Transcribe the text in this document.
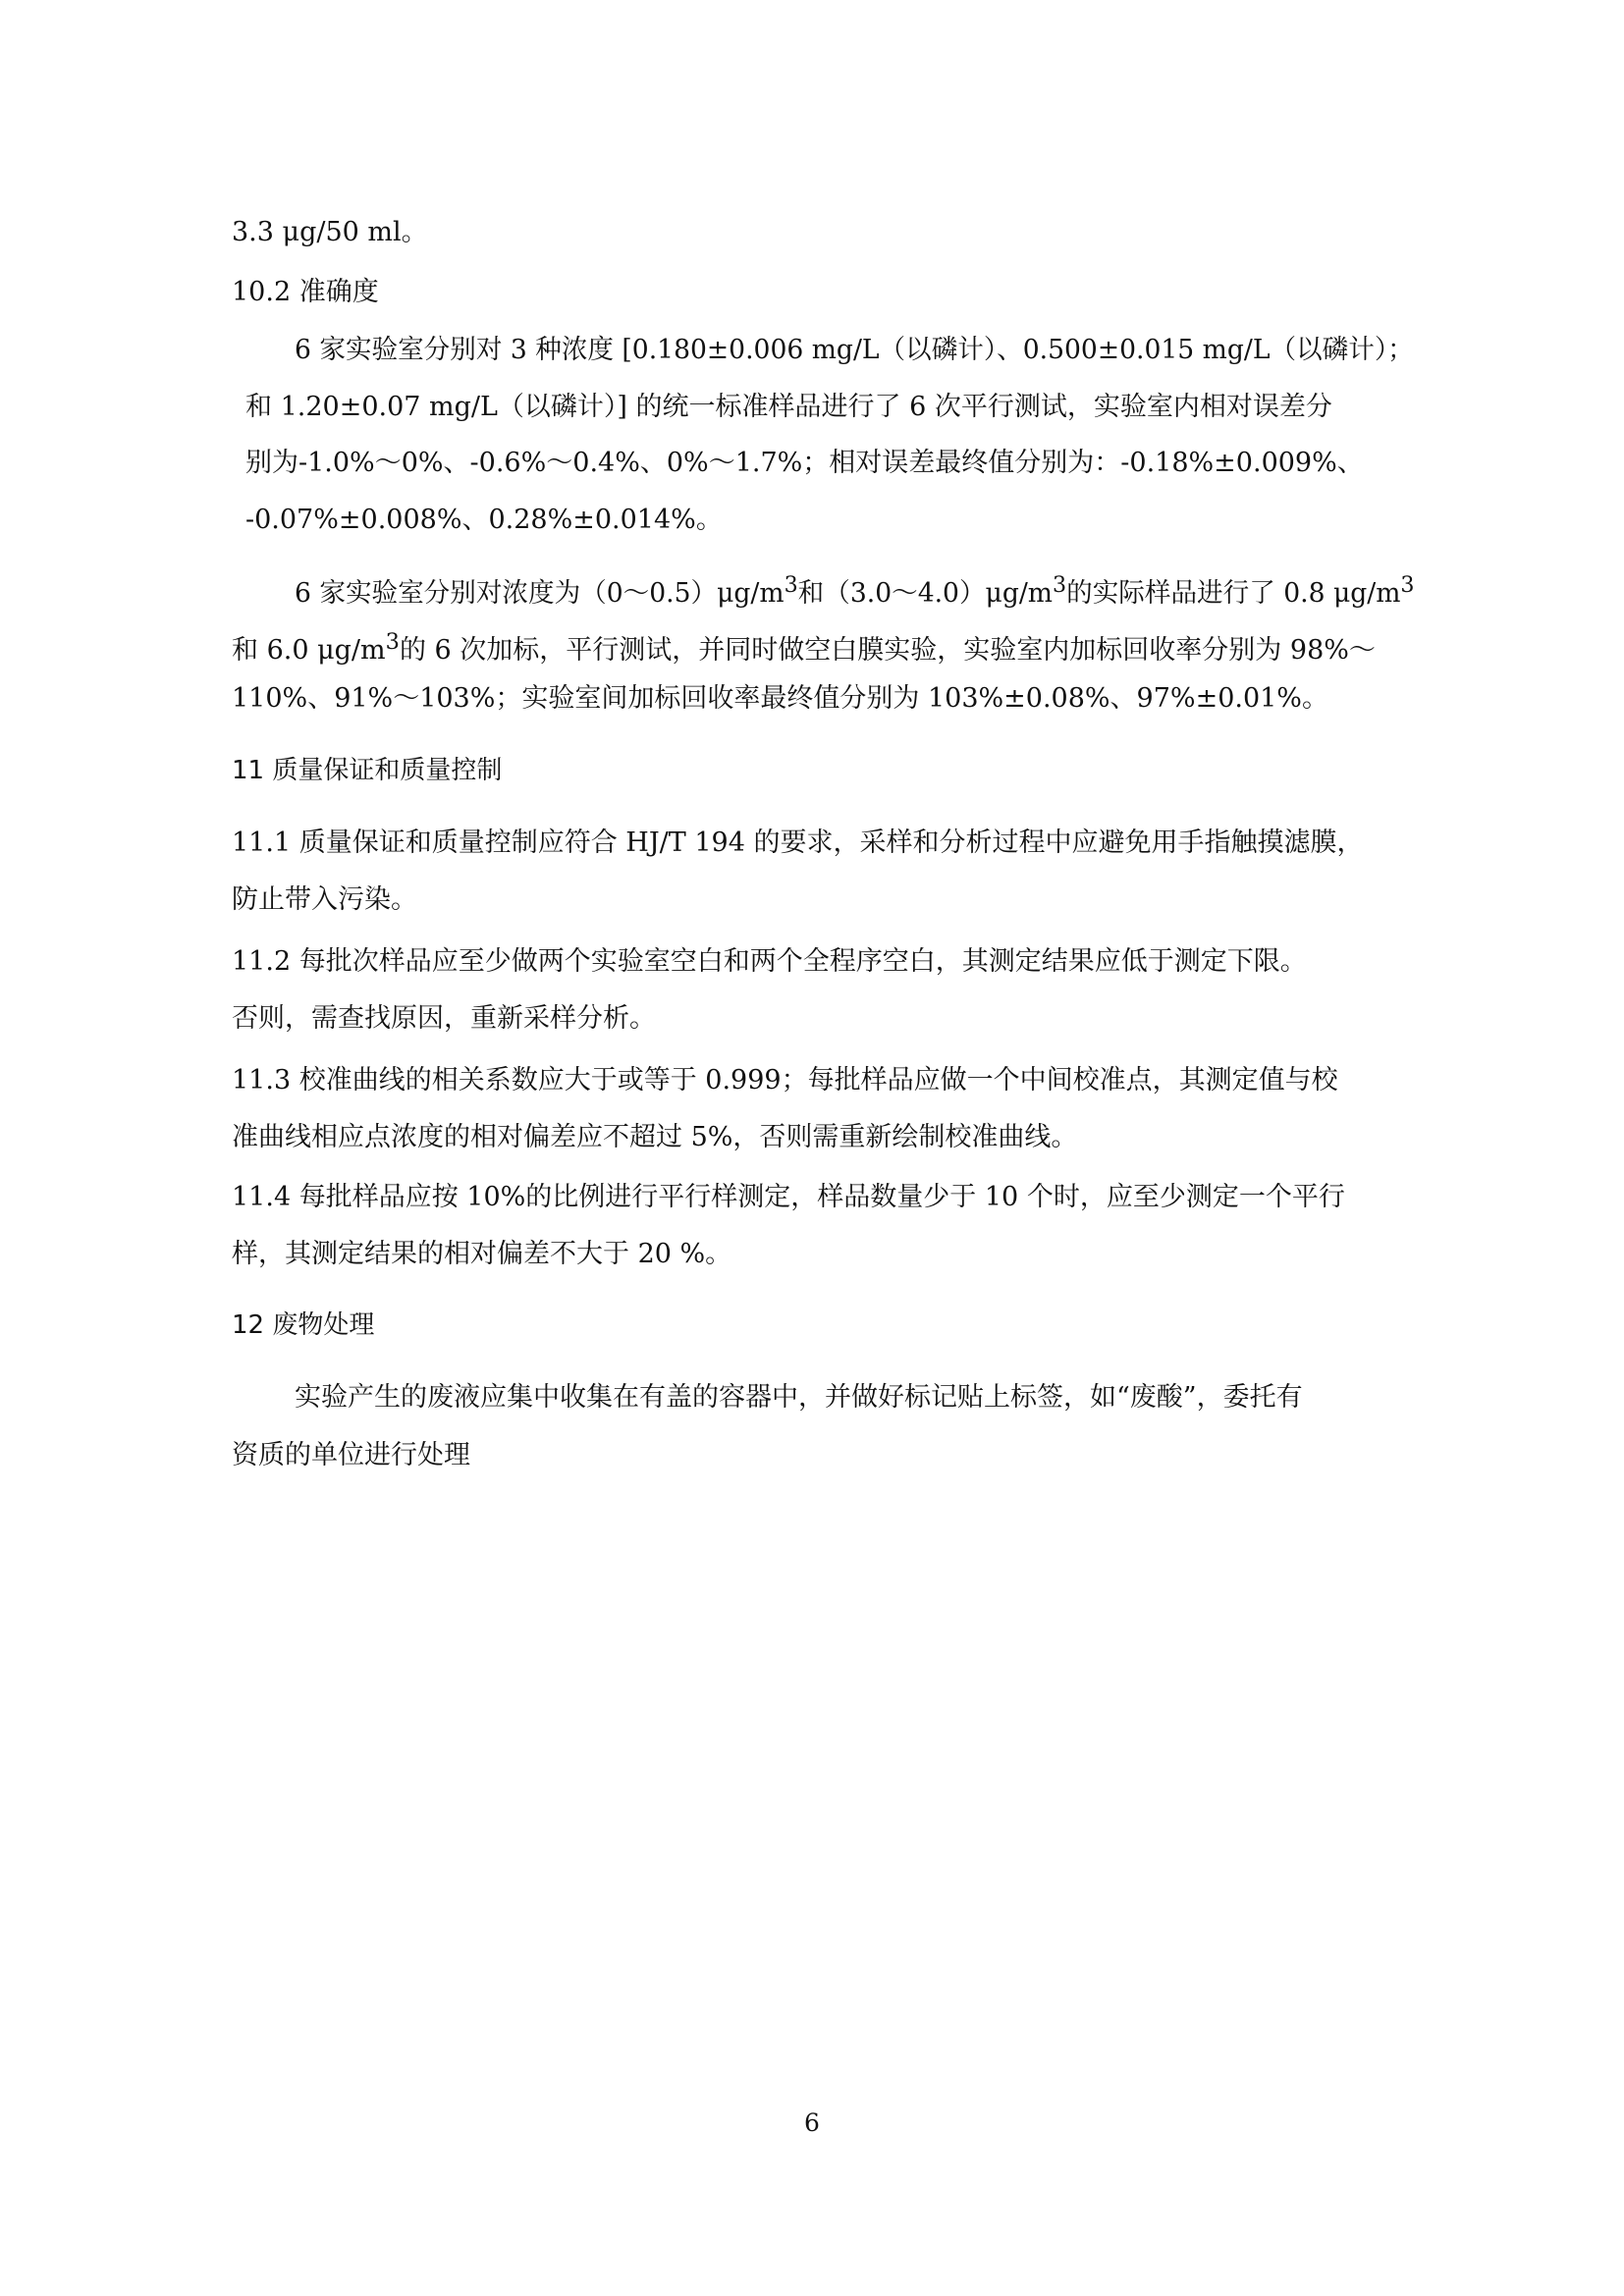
3.3 μg/50 ml。
10.2 准确度
6 家实验室分别对 3 种浓度 [0.180±0.006 mg/L（以磷计）、0.500±0.015 mg/L（以磷计）；
和 1.20±0.07 mg/L（以磷计）] 的统一标准样品进行了 6 次平行测试，实验室内相对误差分
别为-1.0%～0%、-0.6%～0.4%、0%～1.7%；相对误差最终值分别为：-0.18%±0.009%、
-0.07%±0.008%、0.28%±0.014%。
6 家实验室分别对浓度为$(0\sim 0.5)\mu g/m^3$和$(3.0\sim 4.0)\mu g/m^3$的实际样品进行了 0.8 $\mu g/m^3$
和 6.0 $\mu g/m^3$的 6 次加标，平行测试，并同时做空白膜实验，实验室内加标回收率分别为 98%～
110%、91%～103%；实验室间加标回收率最终值分别为 103%±0.08%、97%±0.01%。
11 质量保证和质量控制
11.1 质量保证和质量控制应符合 HJ/T 194 的要求，采样和分析过程中应避免用手指触摸滤膜，
防止带入污染。
11.2 每批次样品应至少做两个实验室空白和两个全程序空白，其测定结果应低于测定下限。
否则，需查找原因，重新采样分析。
11.3 校准曲线的相关系数应大于或等于 0.999；每批样品应做一个中间校准点，其测定值与校
准曲线相应点浓度的相对偏差应不超过 5%，否则需重新绘制校准曲线。
11.4 每批样品应按 10%的比例进行平行样测定，样品数量少于 10 个时，应至少测定一个平行
样，其测定结果的相对偏差不大于 20 %。
12 废物处理
实验产生的废液应集中收集在有盖的容器中，并做好标记贴上标签，如“废酸”，委托有
资质的单位进行处理
6
